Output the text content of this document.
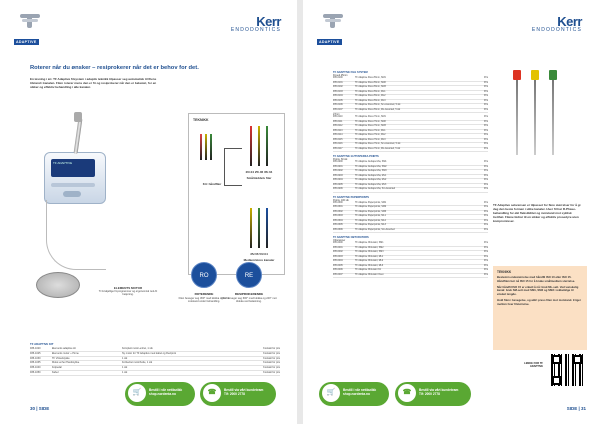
ADAPTIVE
Kerr
ENDODONTICS
Roterer når du ønsker – resiprokerer når det er behov for det.
En løsning i én: TF Adaptive filsystem i adaptiv teknikk tilpasser seg automatisk til filens tilstand i kanalen. Filen roterer mens den er fri og resiprokerer når den er belastet, for en sikker og effektiv behandling i alle kanaler.
TF ADAPTIVE
ELEMENTS MOTOR
Ti forskjellige fil-programmer og ergonomisk nett-fri betjening.
TEKNIKK
Kit: håndfiler
20/.04 25/.06 35/.04
Små/middels filer
35/.06 50/.04
Medium/store kanaler
RO
ROTERENDE
Filen beveger seg 360° med klokka og fri for motstand under behandling.
RE
RESIPROKERENDE
Filen beveger seg 600° med klokka og 240° mot klokka ved belastning.
TF ADAPTIVE KIT
935-1020	Elements adaptive kit	Komplett motor-enhet, 1 stk	Kontakt for pris
935-1025	Elements motor + Pinne	Ny motor for TF Adaptive med kabel og Reciprok	Kontakt for pris
935-1030	TF Vinkelstykke	1 stk	Kontakt for pris
935-1035	Motor-enhet Handstykke	Forbedret motorhode, 1 stk	Kontakt for pris
935-1040	Fotpedal	1 stk	Kontakt for pris
935-1050	Kabel	1 stk	Kontakt for pris
🛒	Bestill i vår nettbutikk
shop.nordenta.no	☎	Bestill via vårt kundeteam
Tlf: 2000 2778
30 | SIDE
ADAPTIVE
Kerr
ENDODONTICS
TF ADAPTIVE FILE SYSTEM
Fil-sett 25mm
935-0100	TF Adaptive Files 25mm, SM1	Pris
935-0101	TF Adaptive Files 25mm, SM2	Pris
935-0102	TF Adaptive Files 25mm, SM3	Pris
935-0103	TF Adaptive Files 25mm, ML1	Pris
935-0104	TF Adaptive Files 25mm, ML2	Pris
935-0105	TF Adaptive Files 25mm, ML3	Pris
935-0106	TF Adaptive Files 25mm, Sm-Assorted, 5 stk	Pris
935-0107	TF Adaptive Files 25mm, ML-Assorted, 5 stk	Pris
27mm
935-0110	TF Adaptive Files 27mm, SM1	Pris
935-0111	TF Adaptive Files 27mm, SM2	Pris
935-0112	TF Adaptive Files 27mm, SM3	Pris
935-0113	TF Adaptive Files 27mm, ML1	Pris
935-0114	TF Adaptive Files 27mm, ML2	Pris
935-0115	TF Adaptive Files 27mm, ML3	Pris
935-0116	TF Adaptive Files 27mm, Sm-Assorted, 5 stk	Pris
935-0117	TF Adaptive Files 27mm, ML-Assorted, 5 stk	Pris
TF ADAPTIVE GUTTAPERKA POINTS
Points, 60 stk
935-0200	TF Adaptive Guttapercha, SM1	Pris
935-0201	TF Adaptive Guttapercha, SM2	Pris
935-0202	TF Adaptive Guttapercha, SM3	Pris
935-0203	TF Adaptive Guttapercha, ML1	Pris
935-0204	TF Adaptive Guttapercha, ML2	Pris
935-0205	TF Adaptive Guttapercha, ML3	Pris
935-0206	TF Adaptive Guttapercha, Sm-Assorted	Pris
TF ADAPTIVE PAPERPOINTS
Points, 100 stk
935-0300	TF Adaptive Paperpoints, SM1	Pris
935-0301	TF Adaptive Paperpoints, SM2	Pris
935-0302	TF Adaptive Paperpoints, SM3	Pris
935-0303	TF Adaptive Paperpoints, ML1	Pris
935-0304	TF Adaptive Paperpoints, ML2	Pris
935-0305	TF Adaptive Paperpoints, ML3	Pris
935-0306	TF Adaptive Paperpoints, Sm-Assorted	Pris
TF ADAPTIVE OBTURATORS
Obturatorer
935-0400	TF Adaptive Obturator, SM1	Pris
935-0401	TF Adaptive Obturator, SM2	Pris
935-0402	TF Adaptive Obturator, SM3	Pris
935-0403	TF Adaptive Obturator, ML1	Pris
935-0404	TF Adaptive Obturator, ML2	Pris
935-0405	TF Adaptive Obturator, ML3	Pris
935-0406	TF Adaptive Obturator Kit	Pris
935-0407	TF Adaptive Obturator Oven	Pris
TF Adaptive sekvensen er tilpasset for flere størrelser for å gi deg den beste formen i ulike kanaler. Hver fil har R-Phase-behandling for økt fleksibilitet og motstand mot syklisk tretthet. Filene bidrar til en sikker og effektiv prosedyre uten kompromisser.
TEKNIKK
Bestemm endestørrelse med håndfil ISO 10 eller ISO 15. Håndfilen bør nå ISO 15 for å bruke små/medium størrelse.
Når håndfil ISO 15 er enkelt å nå: bruk ML-sett. Ved vanskelig kanal: bruk SM-sett med SM1, SM2 og SM3 i rekkefølge til ønsket lengde.
Hold filen i bevegelse, og aldri press filen mot motstand. Irriger mellom hver filstørrelse.
LENKE FOR TF ADAPTIVE
🛒	Bestill i vår nettbutikk
shop.nordenta.no	☎	Bestill via vårt kundeteam
Tlf: 2000 2778
SIDE | 31
